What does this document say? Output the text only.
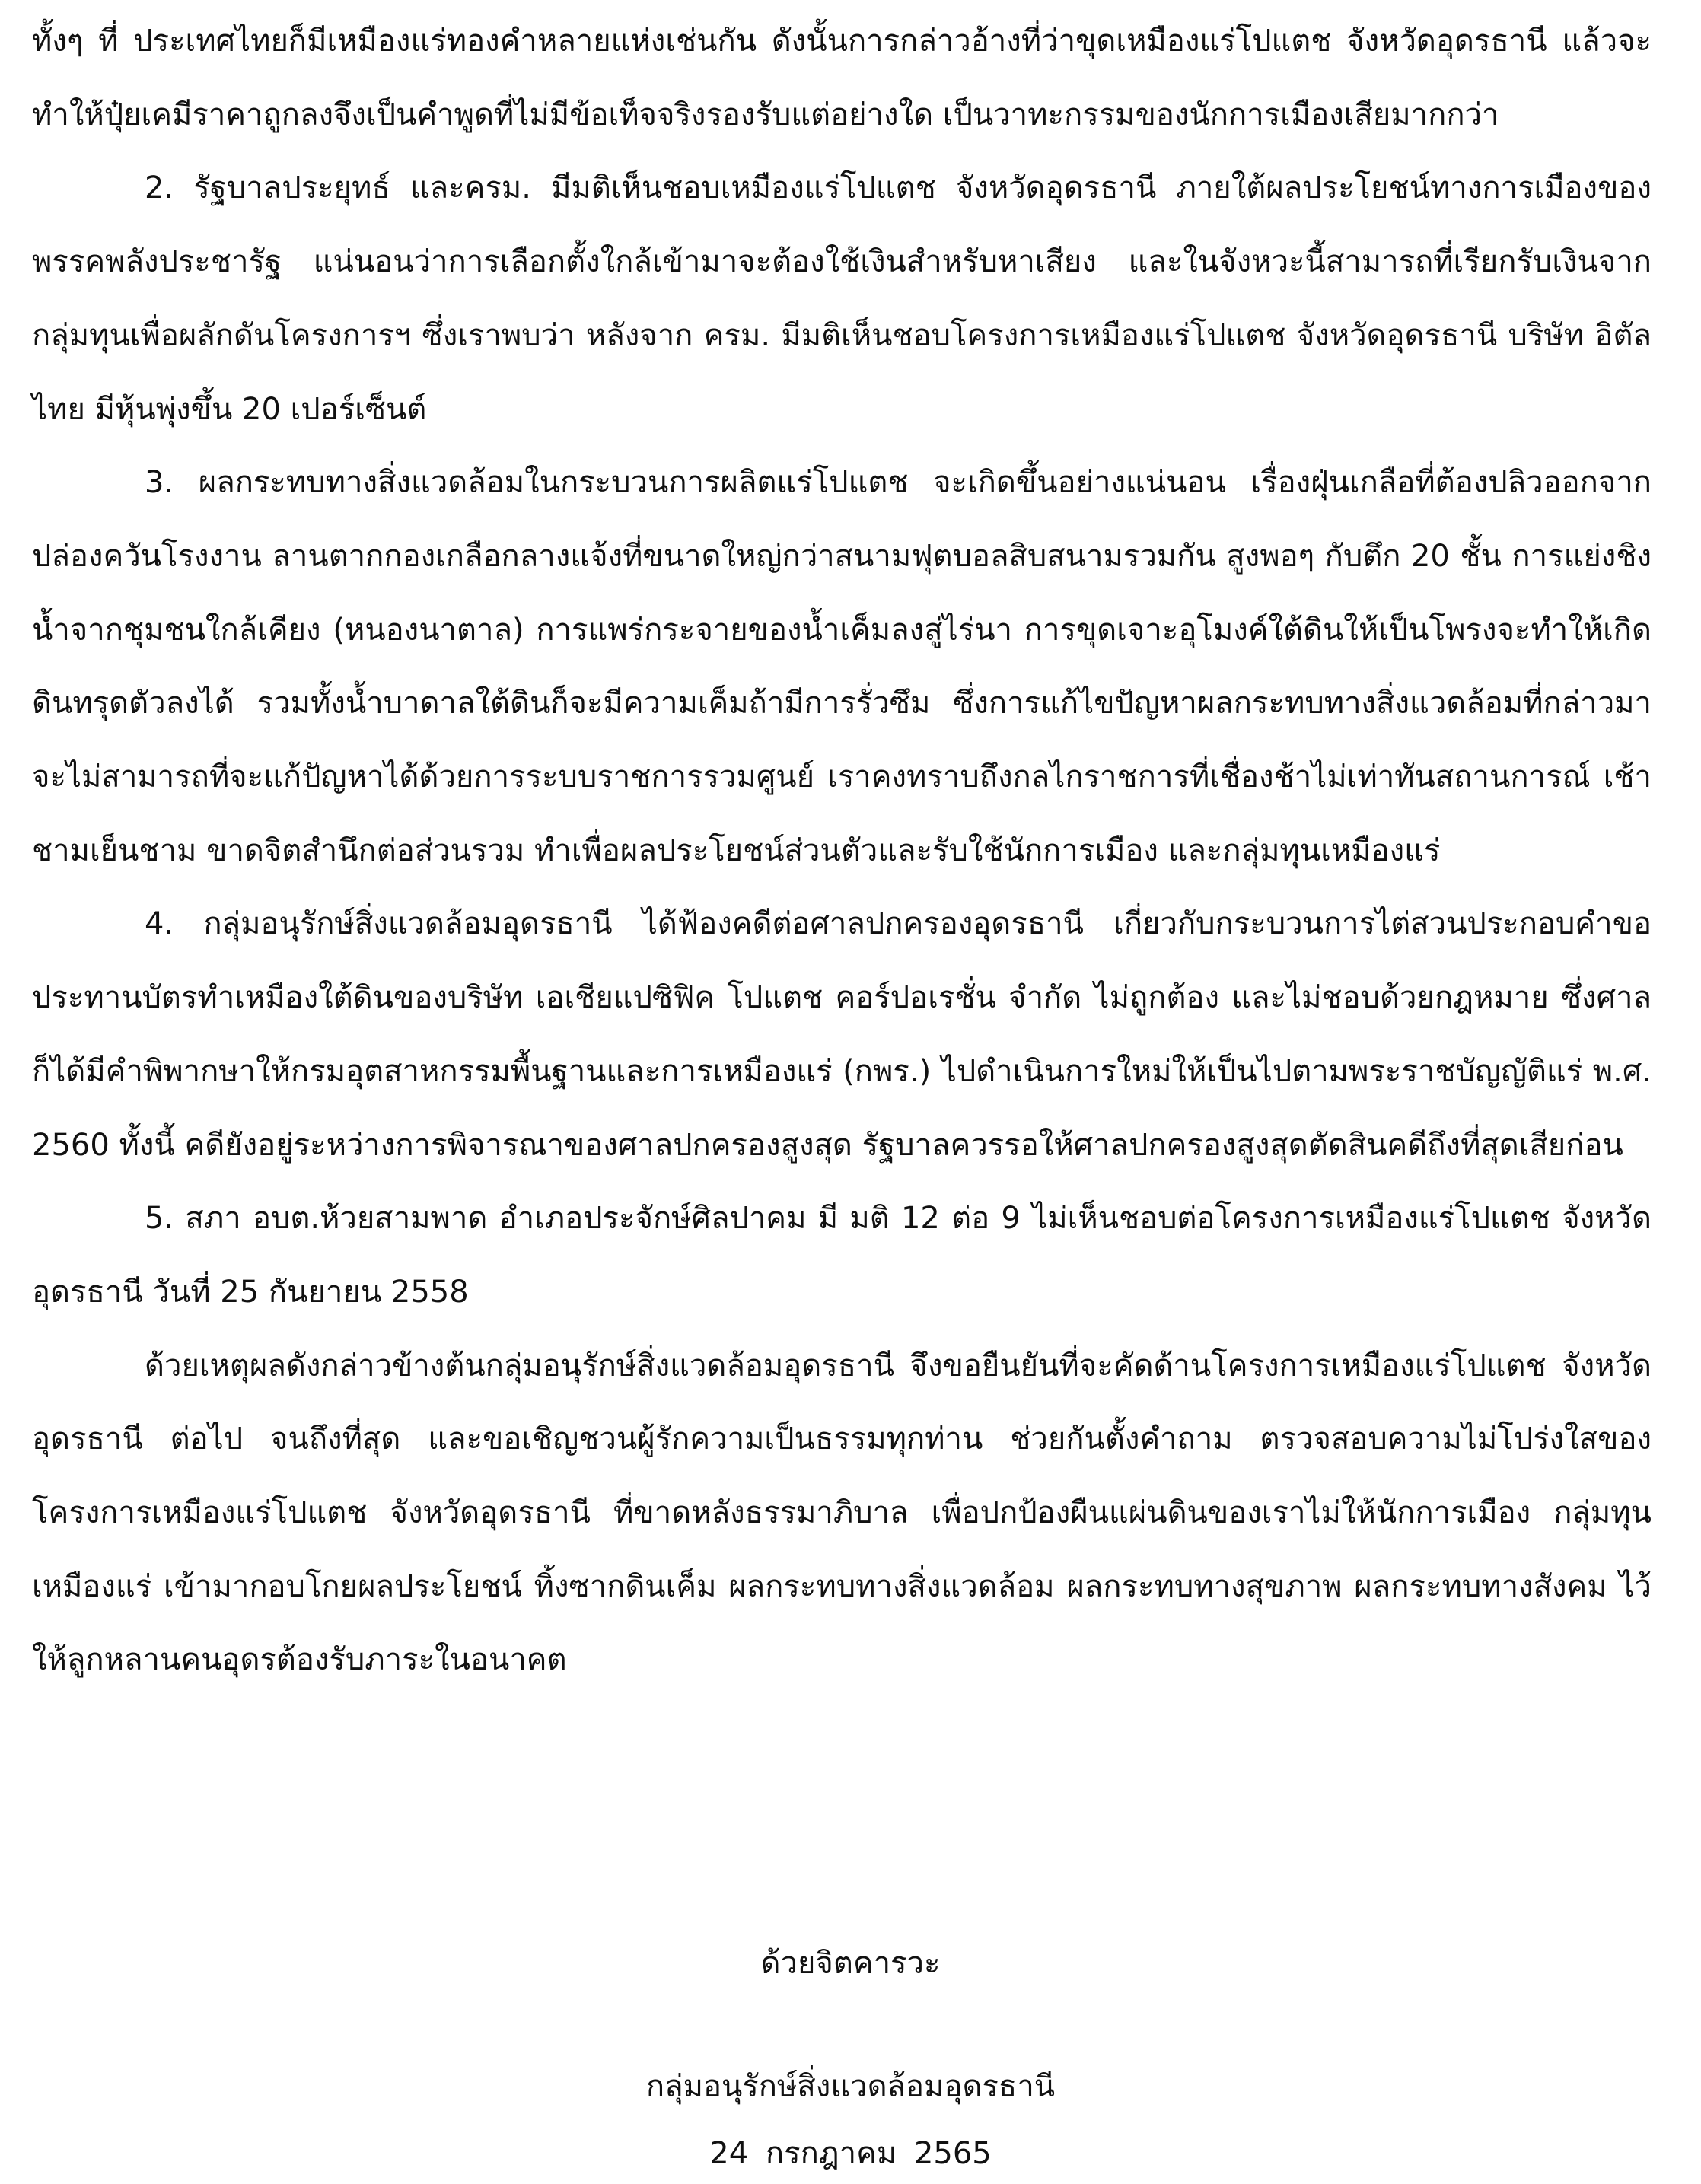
ทั้งๆ ที่ ประเทศไทยก็มีเหมืองแร่ทองคำหลายแห่งเช่นกัน ดังนั้นการกล่าวอ้างที่ว่าขุดเหมืองแร่โปแตช จังหวัดอุดรธานี แล้วจะทำให้ปุ๋ยเคมีราคาถูกลงจึงเป็นคำพูดที่ไม่มีข้อเท็จจริงรองรับแต่อย่างใด เป็นวาทะกรรมของนักการเมืองเสียมากกว่า

2. รัฐบาลประยุทธ์ และครม. มีมติเห็นชอบเหมืองแร่โปแตช จังหวัดอุดรธานี ภายใต้ผลประโยชน์ทางการเมืองของพรรคพลังประชารัฐ แน่นอนว่าการเลือกตั้งใกล้เข้ามาจะต้องใช้เงินสำหรับหาเสียง และในจังหวะนี้สามารถที่เรียกรับเงินจากกลุ่มทุนเพื่อผลักดันโครงการฯ ซึ่งเราพบว่า หลังจาก ครม. มีมติเห็นชอบโครงการเหมืองแร่โปแตช จังหวัดอุดรธานี บริษัท อิตัลไทย มีหุ้นพุ่งขึ้น 20 เปอร์เซ็นต์

3. ผลกระทบทางสิ่งแวดล้อมในกระบวนการผลิตแร่โปแตช จะเกิดขึ้นอย่างแน่นอน เรื่องฝุ่นเกลือที่ต้องปลิวออกจากปล่องควันโรงงาน ลานตากกองเกลือกลางแจ้งที่ขนาดใหญ่กว่าสนามฟุตบอลสิบสนามรวมกัน สูงพอๆ กับตึก 20 ชั้น การแย่งชิงน้ำจากชุมชนใกล้เคียง (หนองนาตาล) การแพร่กระจายของน้ำเค็มลงสู่ไร่นา การขุดเจาะอุโมงค์ใต้ดินให้เป็นโพรงจะทำให้เกิดดินทรุดตัวลงได้ รวมทั้งน้ำบาดาลใต้ดินก็จะมีความเค็มถ้ามีการรั่วซึม ซึ่งการแก้ไขปัญหาผลกระทบทางสิ่งแวดล้อมที่กล่าวมา จะไม่สามารถที่จะแก้ปัญหาได้ด้วยการระบบราชการรวมศูนย์ เราคงทราบถึงกลไกราชการที่เชื่องช้าไม่เท่าทันสถานการณ์ เช้าชามเย็นชาม ขาดจิตสำนึกต่อส่วนรวม ทำเพื่อผลประโยชน์ส่วนตัวและรับใช้นักการเมือง และกลุ่มทุนเหมืองแร่

4. กลุ่มอนุรักษ์สิ่งแวดล้อมอุดรธานี ได้ฟ้องคดีต่อศาลปกครองอุดรธานี เกี่ยวกับกระบวนการไต่สวนประกอบคำขอประทานบัตรทำเหมืองใต้ดินของบริษัท เอเชียแปซิฟิค โปแตช คอร์ปอเรชั่น จำกัด ไม่ถูกต้อง และไม่ชอบด้วยกฎหมาย ซึ่งศาลก็ได้มีคำพิพากษาให้กรมอุตสาหกรรมพื้นฐานและการเหมืองแร่ (กพร.) ไปดำเนินการใหม่ให้เป็นไปตามพระราชบัญญัติแร่ พ.ศ. 2560 ทั้งนี้ คดียังอยู่ระหว่างการพิจารณาของศาลปกครองสูงสุด รัฐบาลควรรอให้ศาลปกครองสูงสุดตัดสินคดีถึงที่สุดเสียก่อน

5. สภา อบต.ห้วยสามพาด อำเภอประจักษ์ศิลปาคม มี มติ 12 ต่อ 9 ไม่เห็นชอบต่อโครงการเหมืองแร่โปแตช จังหวัดอุดรธานี วันที่ 25 กันยายน 2558

ด้วยเหตุผลดังกล่าวข้างต้นกลุ่มอนุรักษ์สิ่งแวดล้อมอุดรธานี จึงขอยืนยันที่จะคัดด้านโครงการเหมืองแร่โปแตช จังหวัดอุดรธานี ต่อไป จนถึงที่สุด และขอเชิญชวนผู้รักความเป็นธรรมทุกท่าน ช่วยกันตั้งคำถาม ตรวจสอบความไม่โปร่งใสของโครงการเหมืองแร่โปแตช จังหวัดอุดรธานี ที่ขาดหลังธรรมาภิบาล เพื่อปกป้องผืนแผ่นดินของเราไม่ให้นักการเมือง กลุ่มทุนเหมืองแร่ เข้ามากอบโกยผลประโยชน์ ทิ้งซากดินเค็ม ผลกระทบทางสิ่งแวดล้อม ผลกระทบทางสุขภาพ ผลกระทบทางสังคม ไว้ให้ลูกหลานคนอุดรต้องรับภาระในอนาคต

ด้วยจิตคารวะ
กลุ่มอนุรักษ์สิ่งแวดล้อมอุดรธานี
24 กรกฎาคม 2565
